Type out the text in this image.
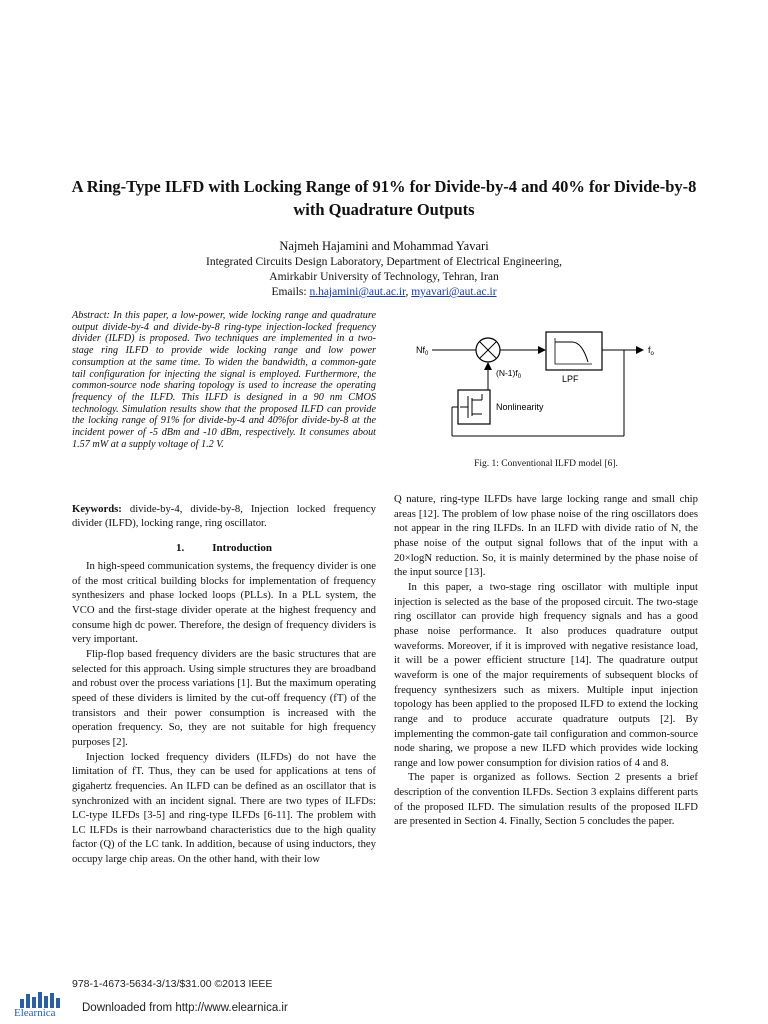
A Ring-Type ILFD with Locking Range of 91% for Divide-by-4 and 40% for Divide-by-8 with Quadrature Outputs
Najmeh Hajamini and Mohammad Yavari
Integrated Circuits Design Laboratory, Department of Electrical Engineering,
Amirkabir University of Technology, Tehran, Iran
Emails: n.hajamini@aut.ac.ir, myavari@aut.ac.ir
Abstract: In this paper, a low-power, wide locking range and quadrature output divide-by-4 and divide-by-8 ring-type injection-locked frequency divider (ILFD) is proposed. Two techniques are implemented in a two-stage ring ILFD to provide wide locking range and low power consumption at the same time. To widen the bandwidth, a common-gate tail configuration for injecting the signal is employed. Furthermore, the common-source node sharing topology is used to increase the operating frequency of the ILFD. This ILFD is designed in a 90 nm CMOS technology. Simulation results show that the proposed ILFD can provide the locking range of 91% for divide-by-4 and 40%for divide-by-8 at the incident power of -5 dBm and -10 dBm, respectively. It consumes about 1.57 mW at a supply voltage of 1.2 V.
Keywords: divide-by-4, divide-by-8, Injection locked frequency divider (ILFD), locking range, ring oscillator.
1.	Introduction

In high-speed communication systems, the frequency divider is one of the most critical building blocks for implementation of frequency synthesizers and phase locked loops (PLLs). In a PLL system, the VCO and the first-stage divider operate at the highest frequency and consume high dc power. Therefore, the design of frequency dividers is very important.

Flip-flop based frequency dividers are the basic structures that are selected for this approach. Using simple structures they are broadband and robust over the process variations [1]. But the maximum operating speed of these dividers is limited by the cut-off frequency (fT) of the transistors and their power consumption is increased with the operation frequency. So, they are not suitable for high frequency purposes [2].

Injection locked frequency dividers (ILFDs) do not have the limitation of fT. Thus, they can be used for applications at tens of gigahertz frequencies. An ILFD can be defined as an oscillator that is synchronized with an incident signal. There are two types of ILFDs: LC-type ILFDs [3-5] and ring-type ILFDs [6-11]. The problem with LC ILFDs is their narrowband characteristics due to the high quality factor (Q) of the LC tank. In addition, because of using inductors, they occupy large chip areas. On the other hand, with their low

LPF
Nonlinearity
$Nf_0$	$f_o$
$(N-1)f_0$
Fig. 1: Conventional ILFD model [6].

Q nature, ring-type ILFDs have large locking range and small chip areas [12]. The problem of low phase noise of the ring oscillators does not appear in the ring ILFDs. In an ILFD with divide ratio of N, the phase noise of the output signal follows that of the input with a 20×logN reduction. So, it is mainly determined by the phase noise of the input source [13].

In this paper, a two-stage ring oscillator with multiple input injection is selected as the base of the proposed circuit. The two-stage ring oscillator can provide high frequency signals and has a good phase noise performance. It also produces quadrature output waveforms. Moreover, if it is improved with negative resistance load, it will be a power efficient structure [14]. The quadrature output waveform is one of the major requirements of subsequent blocks of frequency synthesizers such as mixers. Multiple input injection topology has been applied to the proposed ILFD to extend the locking range and to produce accurate quadrature outputs [2]. By implementing the common-gate tail configuration and common-source node sharing, we propose a new ILFD which provides wide locking range and low power consumption for division ratios of 4 and 8.

The paper is organized as follows. Section 2 presents a brief description of the convention ILFDs. Section 3 explains different parts of the proposed ILFD. The simulation results of the proposed ILFD are presented in Section 4. Finally, Section 5 concludes the paper.

978-1-4673-5634-3/13/$31.00 ©2013 IEEE
Elearnica Downloaded from http://www.elearnica.ir
